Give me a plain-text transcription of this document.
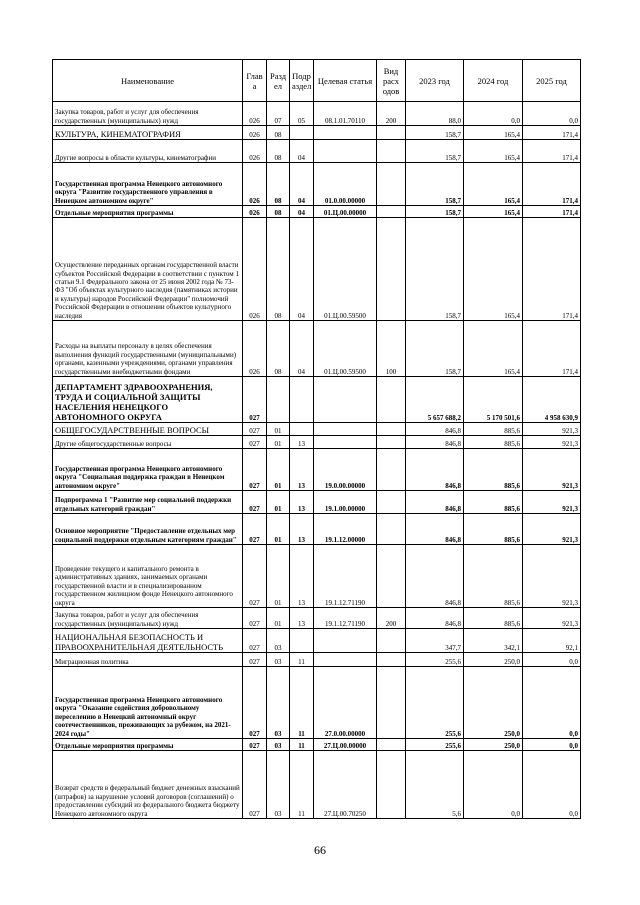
Наименование	Глав а	Разд ел	Подр аздел	Целевая статья	Вид расх одов	2023 год	2024 год	2025 год
Закупка товаров, работ и услуг для обеспечения государственных (муниципальных) нужд	026	07	05	08.1.01.70110	200	88,0	0,0	0,0
КУЛЬТУРА, КИНЕМАТОГРАФИЯ	026	08				158,7	165,4	171,4
Другие вопросы в области культуры, кинематографии	026	08	04			158,7	165,4	171,4
Государственная программа Ненецкого автономного округа "Развитие государственного управления в Ненецком автономном округе"	026	08	04	01.0.00.00000		158,7	165,4	171,4
Отдельные мероприятия программы	026	08	04	01.Ц.00.00000		158,7	165,4	171,4
Осуществление переданных органам государственной власти субъектов Российской Федерации в соответствии с пунктом 1 статьи 9.1 Федерального закона от 25 июня 2002 года № 73-ФЗ "Об объектах культурного наследия (памятниках истории и культуры) народов Российской Федерации" полномочий Российской Федерации в отношении объектов культурного наследия	026	08	04	01.Ц.00.59500		158,7	165,4	171,4
Расходы на выплаты персоналу в целях обеспечения выполнения функций государственными (муниципальными) органами, казенными учреждениями, органами управления государственными внебюджетными фондами	026	08	04	01.Ц.00.59500	100	158,7	165,4	171,4
ДЕПАРТАМЕНТ ЗДРАВООХРАНЕНИЯ, ТРУДА И СОЦИАЛЬНОЙ ЗАЩИТЫ НАСЕЛЕНИЯ НЕНЕЦКОГО АВТОНОМНОГО ОКРУГА	027					5 657 688,2	5 170 501,6	4 958 630,9
ОБЩЕГОСУДАРСТВЕННЫЕ ВОПРОСЫ	027	01				846,8	885,6	921,3
Другие общегосударственные вопросы	027	01	13			846,8	885,6	921,3
Государственная программа Ненецкого автономного округа "Социальная поддержка граждан в Ненецком автономном округе"	027	01	13	19.0.00.00000		846,8	885,6	921,3
Подпрограмма 1 "Развитие мер социальной поддержки отдельных категорий граждан"	027	01	13	19.1.00.00000		846,8	885,6	921,3
Основное мероприятие "Предоставление отдельных мер социальной поддержки отдельным категориям граждан"	027	01	13	19.1.12.00000		846,8	885,6	921,3
Проведение текущего и капитального ремонта в административных зданиях, занимаемых органами государственной власти и в специализированном государственном жилищном фонде Ненецкого автономного округа	027	01	13	19.1.12.71190		846,8	885,6	921,3
Закупка товаров, работ и услуг для обеспечения государственных (муниципальных) нужд	027	01	13	19.1.12.71190	200	846,8	885,6	921,3
НАЦИОНАЛЬНАЯ БЕЗОПАСНОСТЬ И ПРАВООХРАНИТЕЛЬНАЯ ДЕЯТЕЛЬНОСТЬ	027	03				347,7	342,1	92,1
Миграционная политика	027	03	11			255,6	250,0	0,0
Государственная программа Ненецкого автономного округа "Оказание содействия добровольному переселению в Ненецкий автономный округ соотечественников, проживающих за рубежом, на 2021-2024 годы"	027	03	11	27.0.00.00000		255,6	250,0	0,0
Отдельные мероприятия программы	027	03	11	27.Ц.00.00000		255,6	250,0	0,0
Возврат средств в федеральный бюджет денежных взысканий (штрафов) за нарушение условий договоров (соглашений) о предоставлении субсидий из федерального бюджета бюджету Ненецкого автономного округа	027	03	11	27.Ц.00.70250		5,6	0,0	0,0
66
